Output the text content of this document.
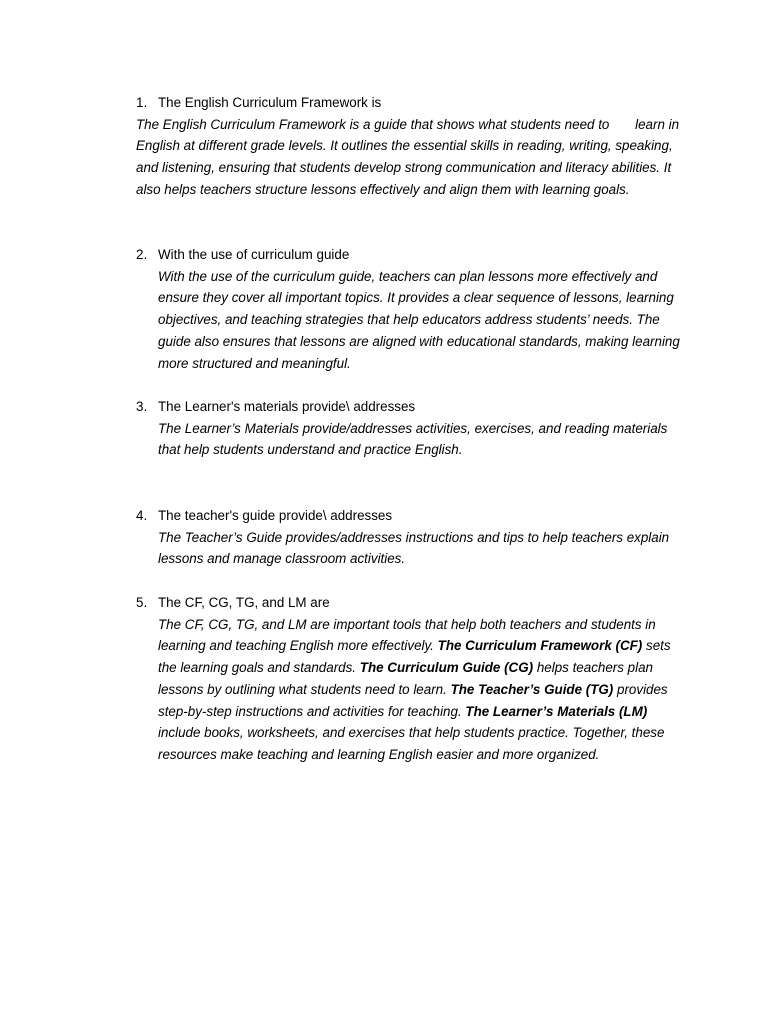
1. The English Curriculum Framework is
The English Curriculum Framework is a guide that shows what students need to learn in English at different grade levels. It outlines the essential skills in reading, writing, speaking, and listening, ensuring that students develop strong communication and literacy abilities. It also helps teachers structure lessons effectively and align them with learning goals.
2. With the use of curriculum guide
With the use of the curriculum guide, teachers can plan lessons more effectively and ensure they cover all important topics. It provides a clear sequence of lessons, learning objectives, and teaching strategies that help educators address students’ needs. The guide also ensures that lessons are aligned with educational standards, making learning more structured and meaningful.
3. The Learner's materials provide\ addresses
The Learner’s Materials provide/addresses activities, exercises, and reading materials that help students understand and practice English.
4. The teacher's guide provide\ addresses
The Teacher’s Guide provides/addresses instructions and tips to help teachers explain lessons and manage classroom activities.
5. The CF, CG, TG, and LM are
The CF, CG, TG, and LM are important tools that help both teachers and students in learning and teaching English more effectively. The Curriculum Framework (CF) sets the learning goals and standards. The Curriculum Guide (CG) helps teachers plan lessons by outlining what students need to learn. The Teacher’s Guide (TG) provides step-by-step instructions and activities for teaching. The Learner’s Materials (LM) include books, worksheets, and exercises that help students practice. Together, these resources make teaching and learning English easier and more organized.
